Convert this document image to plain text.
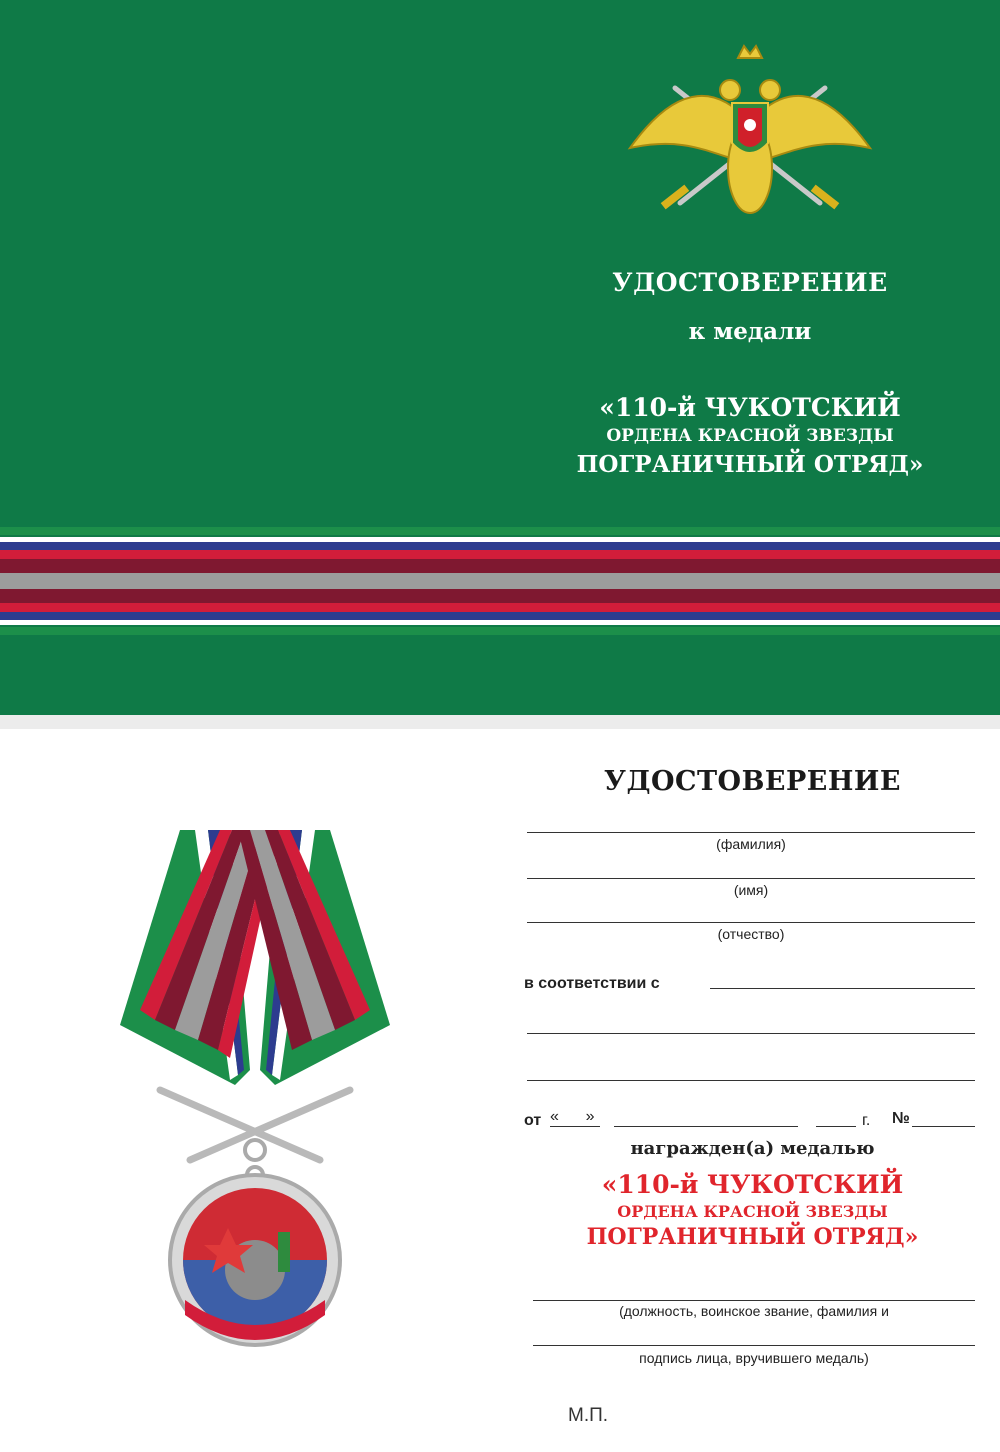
УДОСТОВЕРЕНИЕ
к медали
«110-й ЧУКОТСКИЙ
ОРДЕНА КРАСНОЙ ЗВЕЗДЫ
ПОГРАНИЧНЫЙ ОТРЯД»
УДОСТОВЕРЕНИЕ
(фамилия)
(имя)
(отчество)
в соответствии с
от «      »	г. №
награжден(а) медалью
«110-й ЧУКОТСКИЙ
ОРДЕНА КРАСНОЙ ЗВЕЗДЫ
ПОГРАНИЧНЫЙ ОТРЯД»
(должность, воинское звание, фамилия и
подпись лица, вручившего медаль)
М.П.
